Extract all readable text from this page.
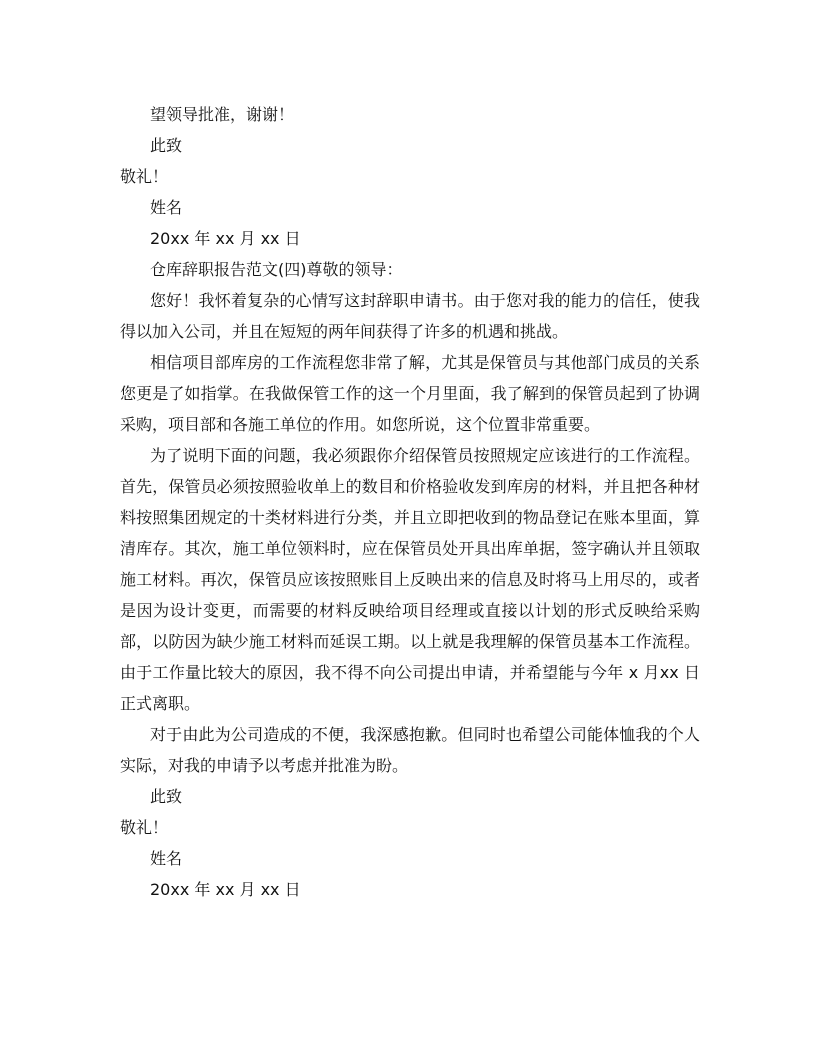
望领导批准，谢谢！

此致

敬礼！

姓名

20xx 年 xx 月 xx 日

仓库辞职报告范文(四)尊敬的领导：

您好！我怀着复杂的心情写这封辞职申请书。由于您对我的能力的信任，使我得以加入公司，并且在短短的两年间获得了许多的机遇和挑战。

相信项目部库房的工作流程您非常了解，尤其是保管员与其他部门成员的关系您更是了如指掌。在我做保管工作的这一个月里面，我了解到的保管员起到了协调采购，项目部和各施工单位的作用。如您所说，这个位置非常重要。

为了说明下面的问题，我必须跟你介绍保管员按照规定应该进行的工作流程。首先，保管员必须按照验收单上的数目和价格验收发到库房的材料，并且把各种材料按照集团规定的十类材料进行分类，并且立即把收到的物品登记在账本里面，算清库存。其次，施工单位领料时，应在保管员处开具出库单据，签字确认并且领取施工材料。再次，保管员应该按照账目上反映出来的信息及时将马上用尽的，或者是因为设计变更，而需要的材料反映给项目经理或直接以计划的形式反映给采购部，以防因为缺少施工材料而延误工期。以上就是我理解的保管员基本工作流程。由于工作量比较大的原因，我不得不向公司提出申请，并希望能与今年 x 月xx 日正式离职。

对于由此为公司造成的不便，我深感抱歉。但同时也希望公司能体恤我的个人实际，对我的申请予以考虑并批准为盼。

此致

敬礼！

姓名

20xx 年 xx 月 xx 日
